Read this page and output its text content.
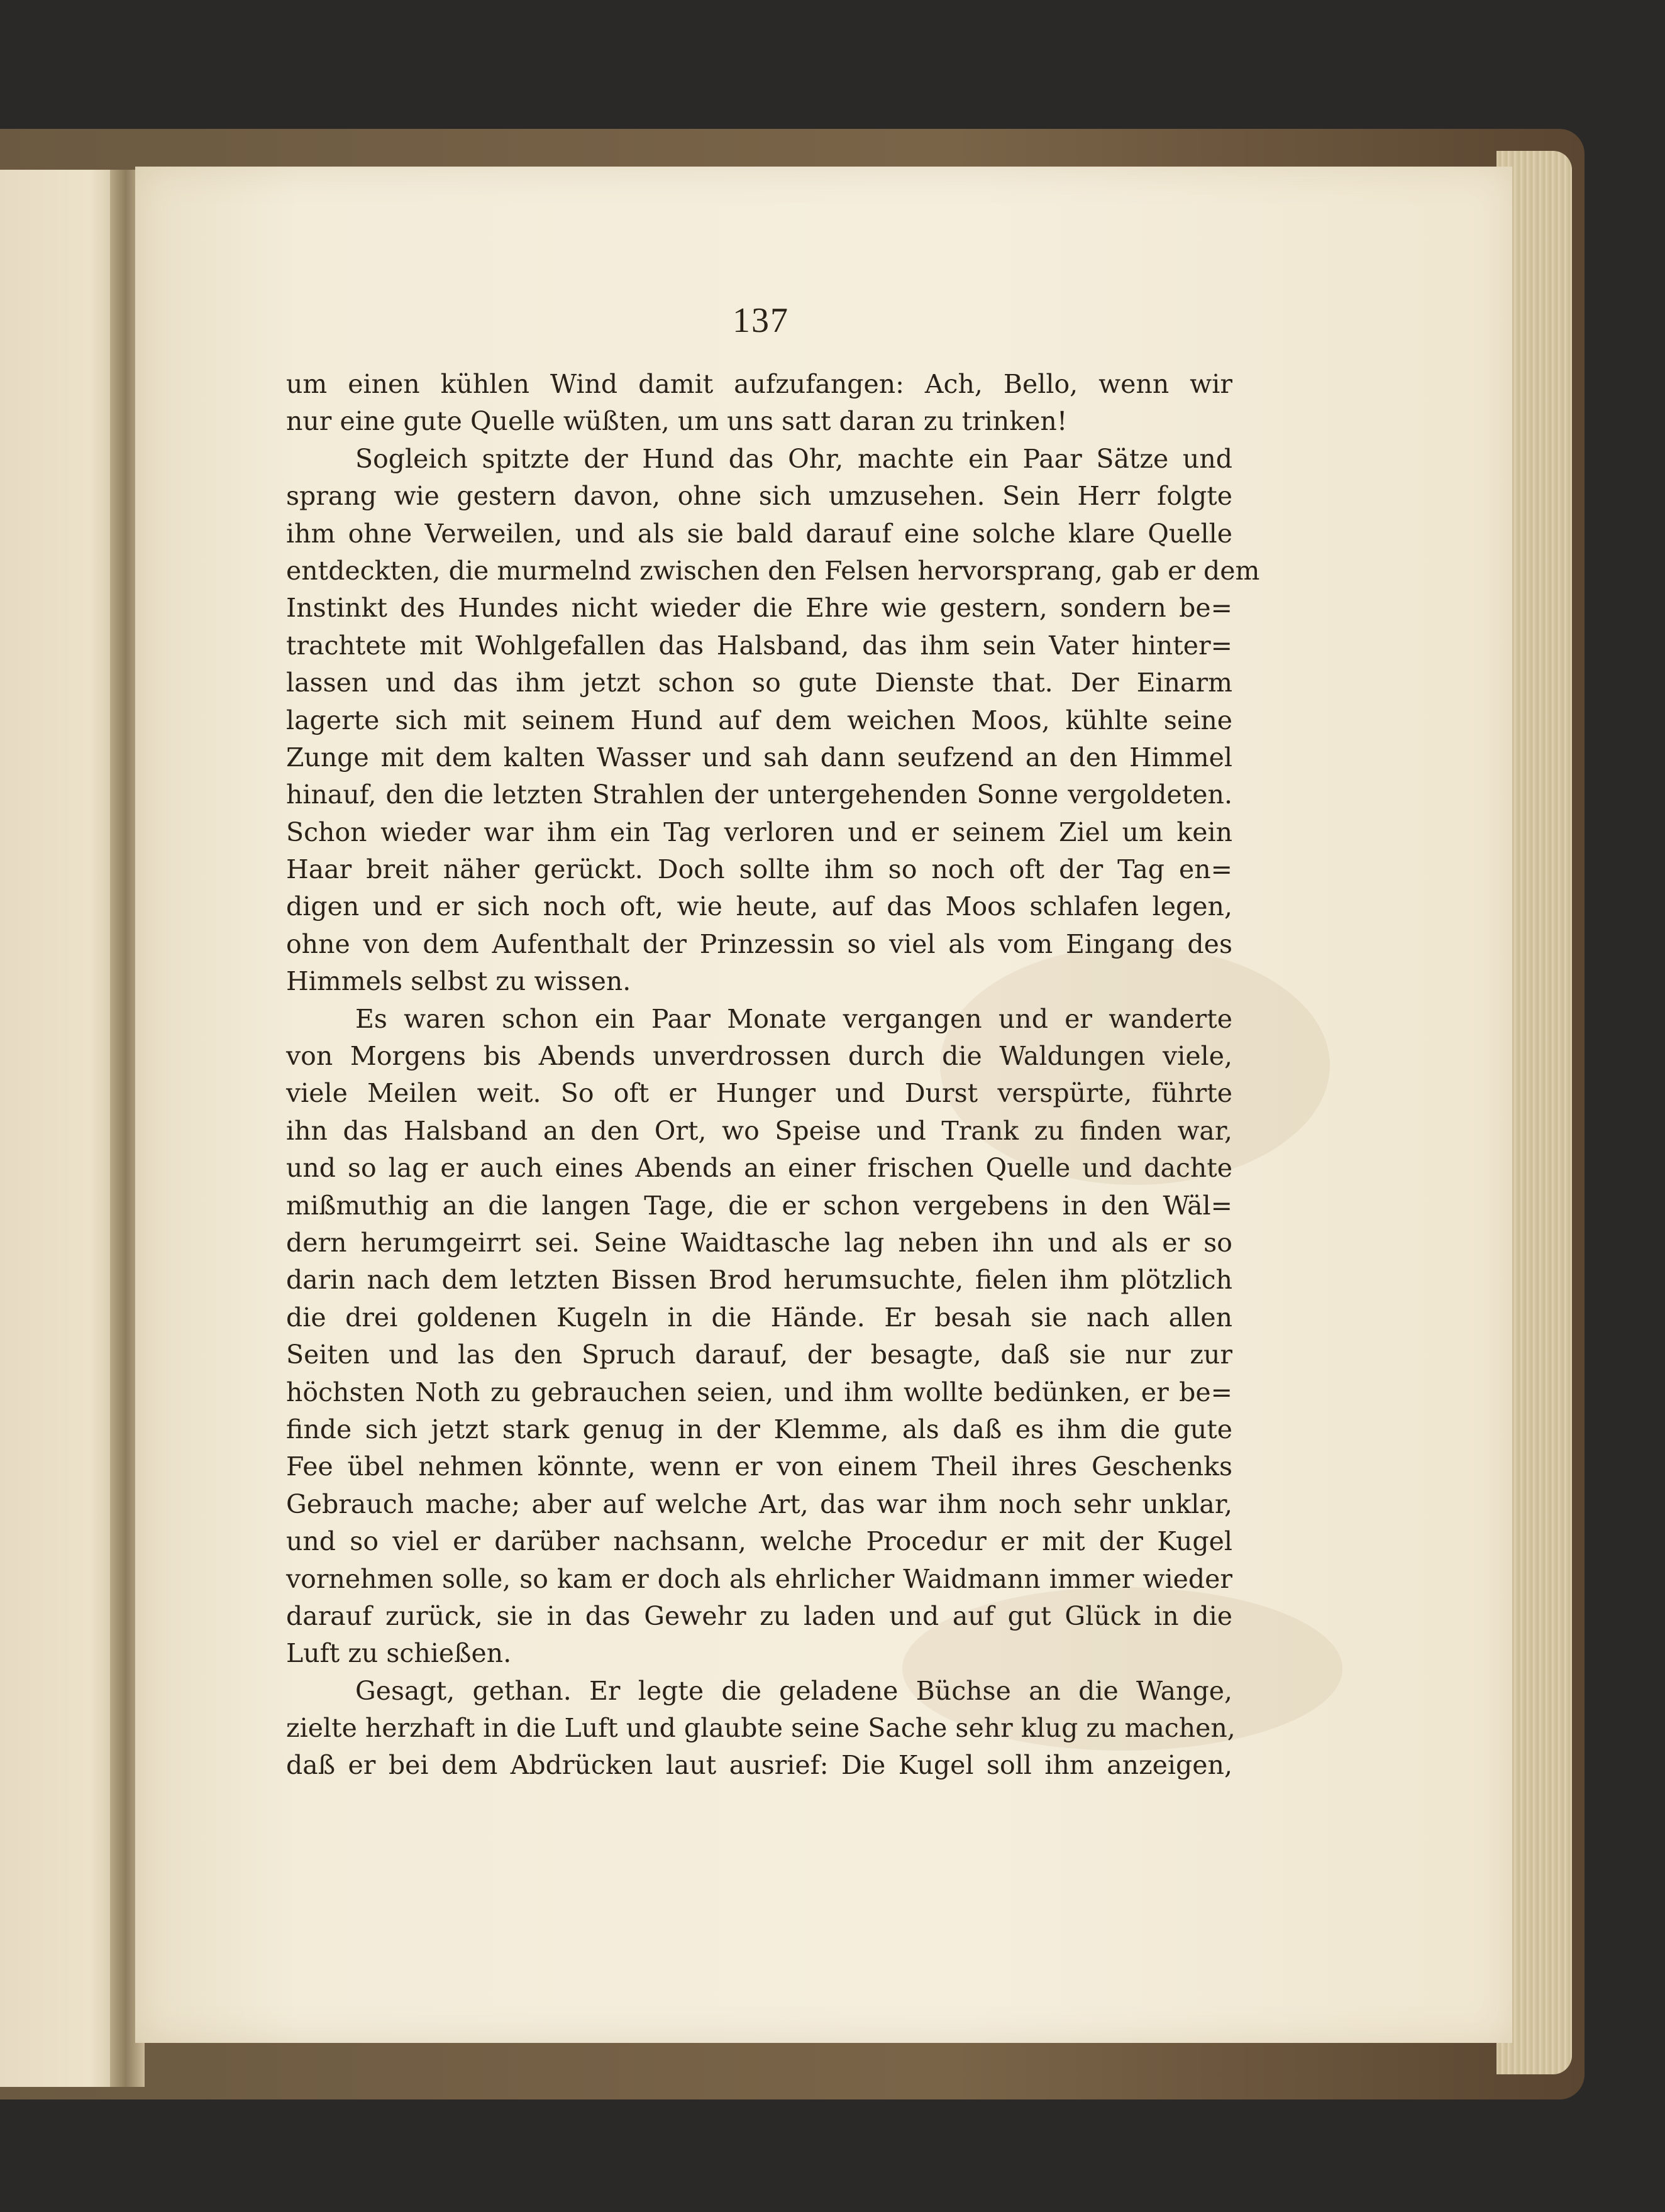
137
um einen kühlen Wind damit aufzufangen: Ach, Bello, wenn wir
nur eine gute Quelle wüßten, um uns satt daran zu trinken!
Sogleich spitzte der Hund das Ohr, machte ein Paar Sätze und
sprang wie gestern davon, ohne sich umzusehen. Sein Herr folgte
ihm ohne Verweilen, und als sie bald darauf eine solche klare Quelle
entdeckten, die murmelnd zwischen den Felsen hervorsprang, gab er dem
Instinkt des Hundes nicht wieder die Ehre wie gestern, sondern be=
trachtete mit Wohlgefallen das Halsband, das ihm sein Vater hinter=
lassen und das ihm jetzt schon so gute Dienste that. Der Einarm
lagerte sich mit seinem Hund auf dem weichen Moos, kühlte seine
Zunge mit dem kalten Wasser und sah dann seufzend an den Himmel
hinauf, den die letzten Strahlen der untergehenden Sonne vergoldeten.
Schon wieder war ihm ein Tag verloren und er seinem Ziel um kein
Haar breit näher gerückt. Doch sollte ihm so noch oft der Tag en=
digen und er sich noch oft, wie heute, auf das Moos schlafen legen,
ohne von dem Aufenthalt der Prinzessin so viel als vom Eingang des
Himmels selbst zu wissen.
Es waren schon ein Paar Monate vergangen und er wanderte
von Morgens bis Abends unverdrossen durch die Waldungen viele,
viele Meilen weit. So oft er Hunger und Durst verspürte, führte
ihn das Halsband an den Ort, wo Speise und Trank zu finden war,
und so lag er auch eines Abends an einer frischen Quelle und dachte
mißmuthig an die langen Tage, die er schon vergebens in den Wäl=
dern herumgeirrt sei. Seine Waidtasche lag neben ihn und als er so
darin nach dem letzten Bissen Brod herumsuchte, fielen ihm plötzlich
die drei goldenen Kugeln in die Hände. Er besah sie nach allen
Seiten und las den Spruch darauf, der besagte, daß sie nur zur
höchsten Noth zu gebrauchen seien, und ihm wollte bedünken, er be=
finde sich jetzt stark genug in der Klemme, als daß es ihm die gute
Fee übel nehmen könnte, wenn er von einem Theil ihres Geschenks
Gebrauch mache; aber auf welche Art, das war ihm noch sehr unklar,
und so viel er darüber nachsann, welche Procedur er mit der Kugel
vornehmen solle, so kam er doch als ehrlicher Waidmann immer wieder
darauf zurück, sie in das Gewehr zu laden und auf gut Glück in die
Luft zu schießen.
Gesagt, gethan. Er legte die geladene Büchse an die Wange,
zielte herzhaft in die Luft und glaubte seine Sache sehr klug zu machen,
daß er bei dem Abdrücken laut ausrief: Die Kugel soll ihm anzeigen,
